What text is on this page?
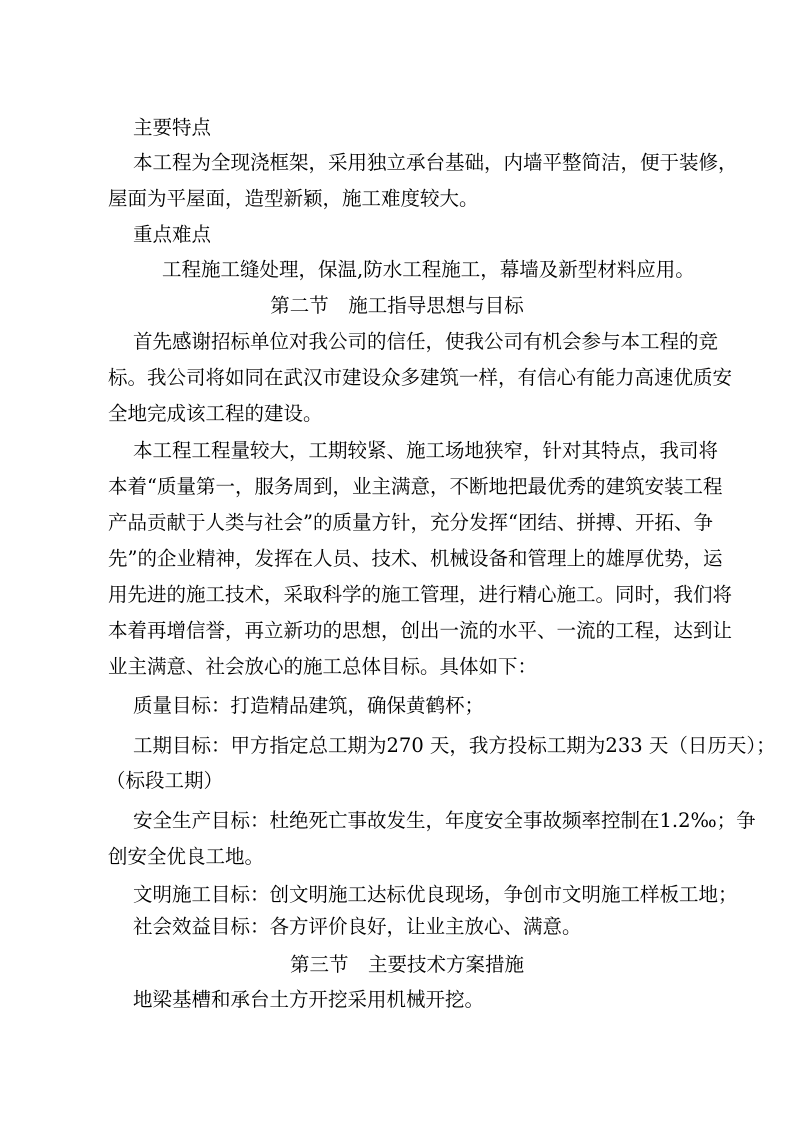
主要特点
本工程为全现浇框架，采用独立承台基础，内墙平整简洁，便于装修，
屋面为平屋面，造型新颖，施工难度较大。
重点难点
工程施工缝处理，保温,防水工程施工，幕墙及新型材料应用。
第二节　施工指导思想与目标
首先感谢招标单位对我公司的信任，使我公司有机会参与本工程的竞
标。我公司将如同在武汉市建设众多建筑一样，有信心有能力高速优质安
全地完成该工程的建设。
本工程工程量较大，工期较紧、施工场地狭窄，针对其特点，我司将
本着“质量第一，服务周到，业主满意，不断地把最优秀的建筑安装工程
产品贡献于人类与社会”的质量方针，充分发挥“团结、拼搏、开拓、争
先”的企业精神，发挥在人员、技术、机械设备和管理上的雄厚优势，运
用先进的施工技术，采取科学的施工管理，进行精心施工。同时，我们将
本着再增信誉，再立新功的思想，创出一流的水平、一流的工程，达到让
业主满意、社会放心的施工总体目标。具体如下：
质量目标：打造精品建筑，确保黄鹤杯；
工期目标：甲方指定总工期为270 天，我方投标工期为233 天（日历天）；
（标段工期）
安全生产目标：杜绝死亡事故发生，年度安全事故频率控制在1.2‰；争
创安全优良工地。
文明施工目标：创文明施工达标优良现场，争创市文明施工样板工地；
社会效益目标：各方评价良好，让业主放心、满意。
第三节　主要技术方案措施
地梁基槽和承台土方开挖采用机械开挖。
